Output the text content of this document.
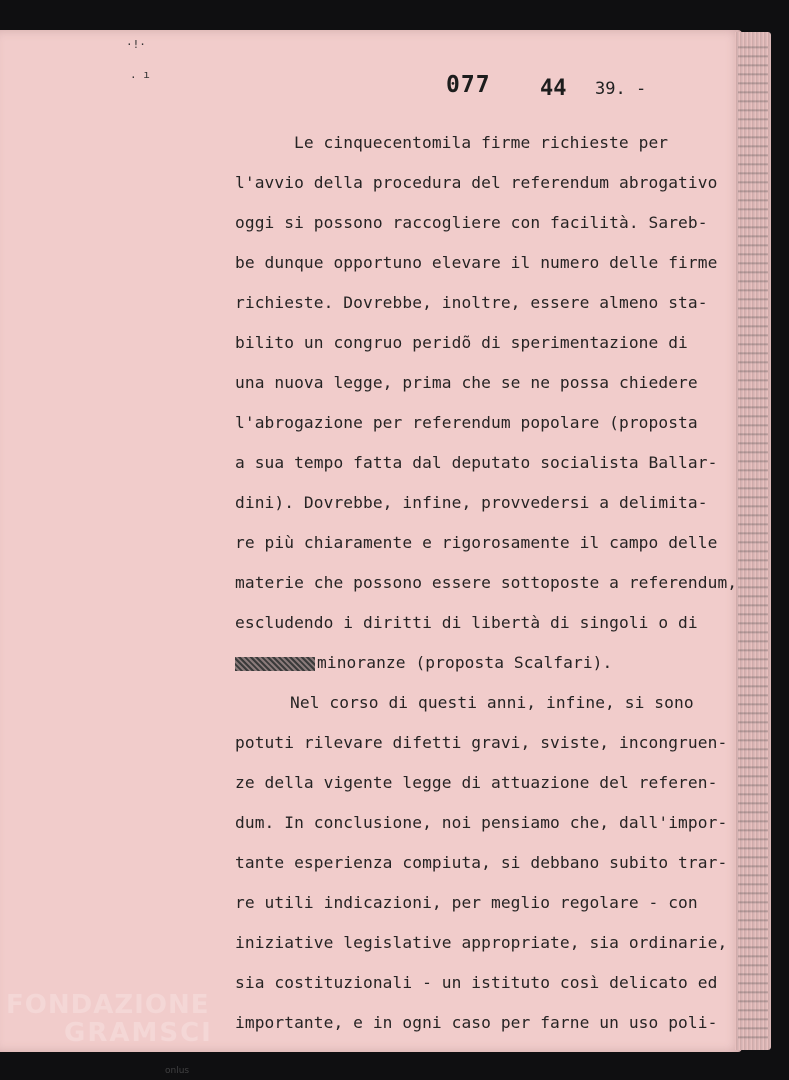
·!·
. ı	077 44 39. -
Le cinquecentomila firme richieste per
l'avvio della procedura del referendum abrogativo
oggi si possono raccogliere con facilità. Sareb-
be dunque opportuno elevare il numero delle firme
richieste. Dovrebbe, inoltre, essere almeno sta-
bilito un congruo peridõ di sperimentazione di
una nuova legge, prima che se ne possa chiedere
l'abrogazione per referendum popolare (proposta
a sua tempo fatta dal deputato socialista Ballar-
dini). Dovrebbe, infine, provvedersi a delimita-
re più chiaramente e rigorosamente il campo delle
materie che possono essere sottoposte a referendum,
escludendo i diritti di libertà di singoli o di
minoranze (proposta Scalfari).
Nel corso di questi anni, infine, si sono
potuti rilevare difetti gravi, sviste, incongruen-
ze della vigente legge di attuazione del referen-
dum. In conclusione, noi pensiamo che, dall'impor-
tante esperienza compiuta, si debbano subito trar-
re utili indicazioni, per meglio regolare - con
iniziative legislative appropriate, sia ordinarie,
sia costituzionali - un istituto così delicato ed
importante, e in ogni caso per farne un uso poli-
FONDAZIONE
GRAMSCI
onlus
